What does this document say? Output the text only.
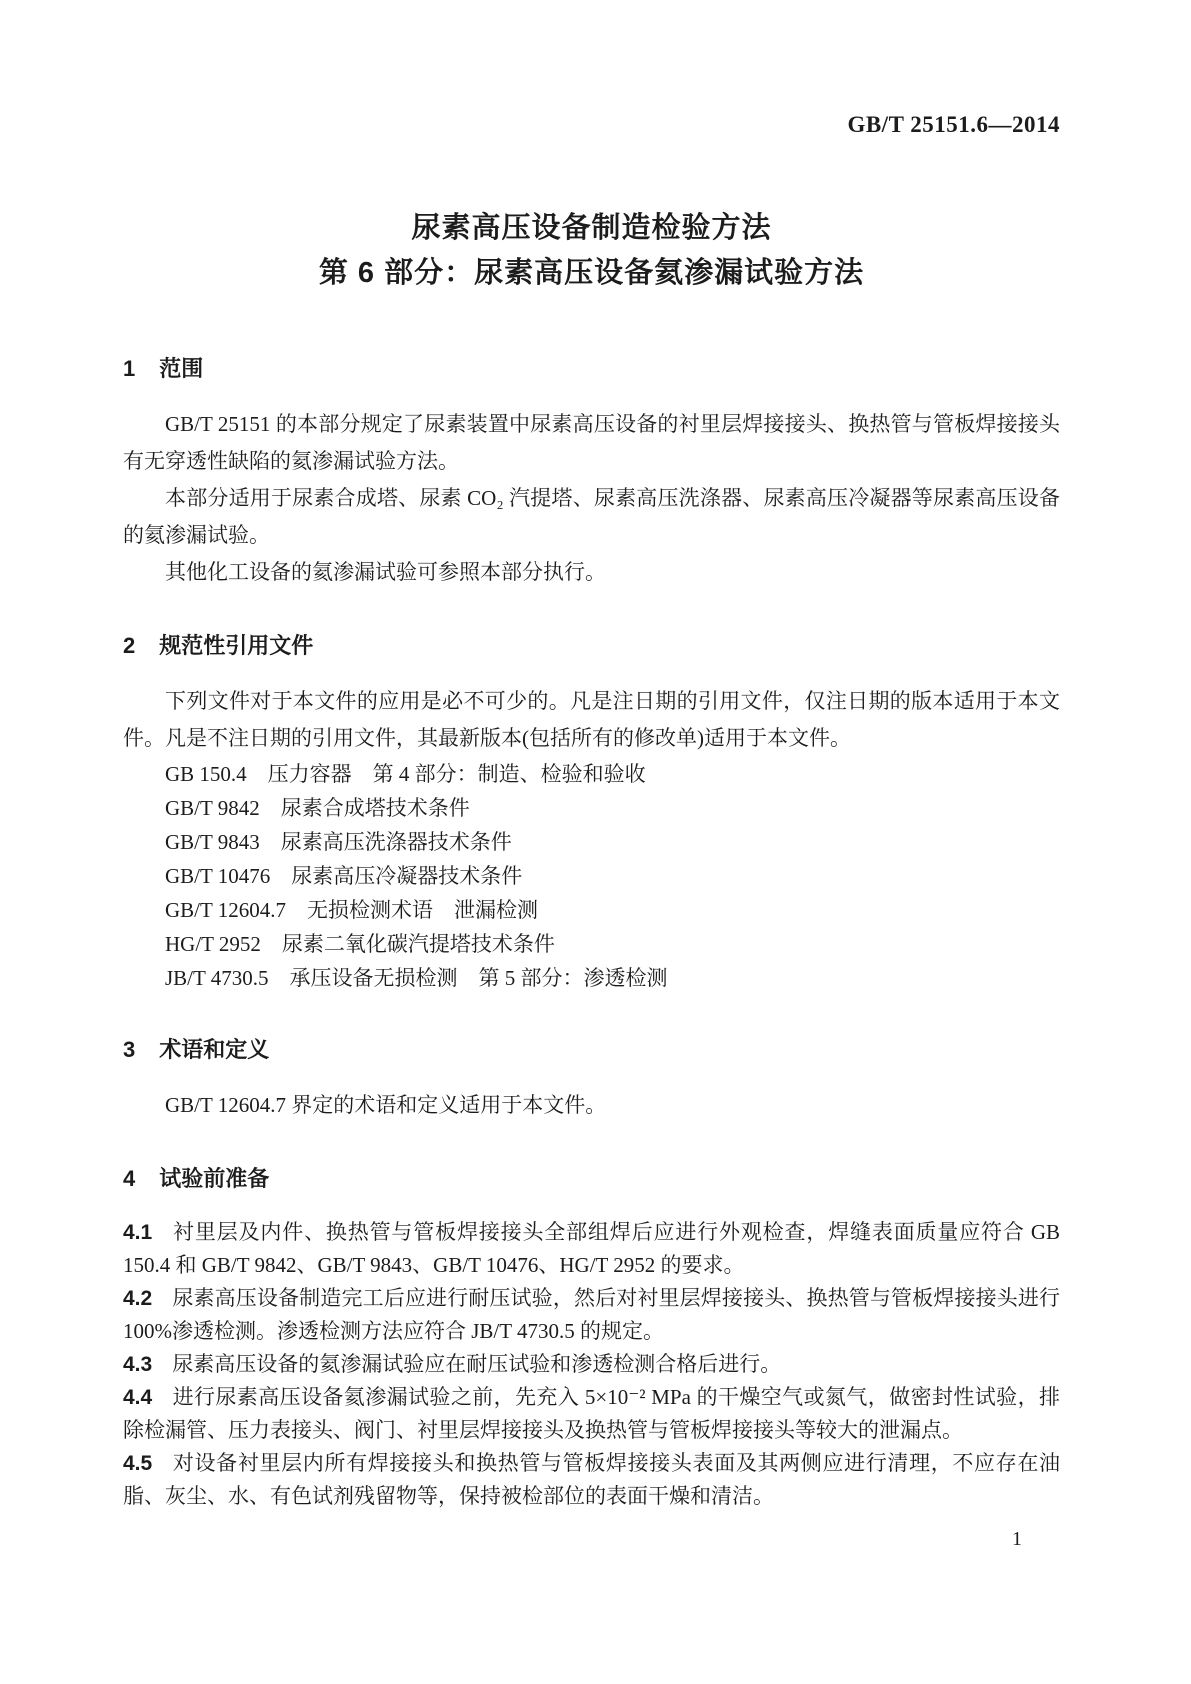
GB/T 25151.6—2014
尿素高压设备制造检验方法
第 6 部分：尿素高压设备氦渗漏试验方法
1 范围

GB/T 25151 的本部分规定了尿素装置中尿素高压设备的衬里层焊接接头、换热管与管板焊接接头有无穿透性缺陷的氦渗漏试验方法。

本部分适用于尿素合成塔、尿素 CO₂ 汽提塔、尿素高压洗涤器、尿素高压冷凝器等尿素高压设备的氦渗漏试验。

其他化工设备的氦渗漏试验可参照本部分执行。

2 规范性引用文件

下列文件对于本文件的应用是必不可少的。凡是注日期的引用文件，仅注日期的版本适用于本文件。凡是不注日期的引用文件，其最新版本(包括所有的修改单)适用于本文件。

GB 150.4　压力容器　第 4 部分：制造、检验和验收

GB/T 9842　尿素合成塔技术条件

GB/T 9843　尿素高压洗涤器技术条件

GB/T 10476　尿素高压冷凝器技术条件

GB/T 12604.7　无损检测术语　泄漏检测

HG/T 2952　尿素二氧化碳汽提塔技术条件

JB/T 4730.5　承压设备无损检测　第 5 部分：渗透检测

3 术语和定义

GB/T 12604.7 界定的术语和定义适用于本文件。

4 试验前准备

4.1 衬里层及内件、换热管与管板焊接接头全部组焊后应进行外观检查，焊缝表面质量应符合 GB 150.4 和 GB/T 9842、GB/T 9843、GB/T 10476、HG/T 2952 的要求。

4.2 尿素高压设备制造完工后应进行耐压试验，然后对衬里层焊接接头、换热管与管板焊接接头进行 100%渗透检测。渗透检测方法应符合 JB/T 4730.5 的规定。

4.3 尿素高压设备的氦渗漏试验应在耐压试验和渗透检测合格后进行。

4.4 进行尿素高压设备氦渗漏试验之前，先充入 5×10⁻² MPa 的干燥空气或氮气，做密封性试验，排除检漏管、压力表接头、阀门、衬里层焊接接头及换热管与管板焊接接头等较大的泄漏点。

4.5 对设备衬里层内所有焊接接头和换热管与管板焊接接头表面及其两侧应进行清理，不应存在油脂、灰尘、水、有色试剂残留物等，保持被检部位的表面干燥和清洁。

1
